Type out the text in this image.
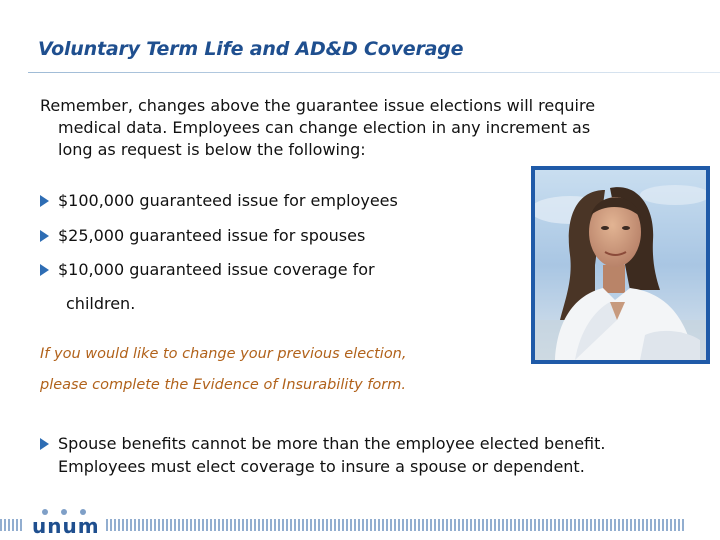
Voluntary Term Life and AD&D Coverage
Remember, changes above the guarantee issue elections will require
medical data. Employees can change election in any increment as
long as request is below the following:
$100,000 guaranteed issue for employees
$25,000 guaranteed issue for spouses
$10,000 guaranteed issue coverage for
children.
If you would like to change your previous election,
please complete the Evidence of Insurability form.
Spouse benefits cannot be more than the employee elected benefit.
Employees must elect coverage to insure a spouse or dependent.
unum
